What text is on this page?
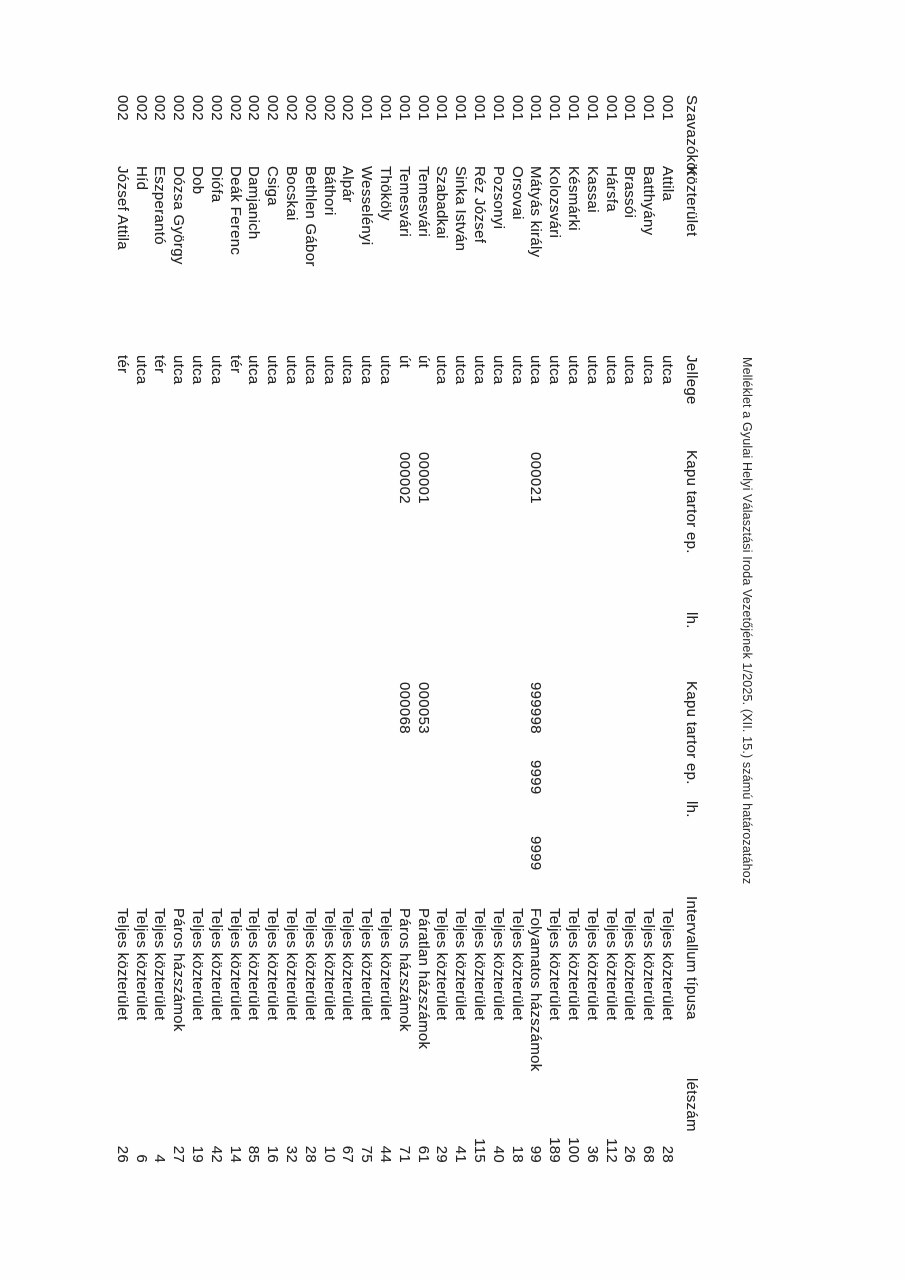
Melléklet a Gyulai Helyi Választási Iroda Vezetőjének 1/2025. (XII. 15.) számú határozatához
Szavazókör
Közterület
Jellege
Kapu tartor ep.
lh.
Kapu tartor ep.
lh.
Intervallum típusa
létszám
001
Attila
utca
Teljes közterület
28
001
Batthyány
utca
Teljes közterület
68
001
Brassói
utca
Teljes közterület
26
001
Hársfa
utca
Teljes közterület
112
001
Kassai
utca
Teljes közterület
36
001
Késmárki
utca
Teljes közterület
100
001
Kolozsvári
utca
Teljes közterület
189
001
Mátyás király
utca
000021
999998
9999
9999
Folyamatos házszámok
99
001
Orsovai
utca
Teljes közterület
18
001
Pozsonyi
utca
Teljes közterület
40
001
Réz József
utca
Teljes közterület
115
001
Sinka István
utca
Teljes közterület
41
001
Szabadkai
utca
Teljes közterület
29
001
Temesvári
út
000001
000053
Páratlan házszámok
61
001
Temesvári
út
000002
000068
Páros házszámok
71
001
Thököly
utca
Teljes közterület
44
001
Wesselényi
utca
Teljes közterület
75
002
Alpár
utca
Teljes közterület
67
002
Báthori
utca
Teljes közterület
10
002
Bethlen Gábor
utca
Teljes közterület
28
002
Bocskai
utca
Teljes közterület
32
002
Csiga
utca
Teljes közterület
16
002
Damjanich
utca
Teljes közterület
85
002
Deák Ferenc
tér
Teljes közterület
14
002
Diófa
utca
Teljes közterület
42
002
Dob
utca
Teljes közterület
19
002
Dózsa György
utca
Páros házszámok
27
002
Eszperantó
tér
Teljes közterület
4
002
Híd
utca
Teljes közterület
6
002
József Attila
tér
Teljes közterület
26
